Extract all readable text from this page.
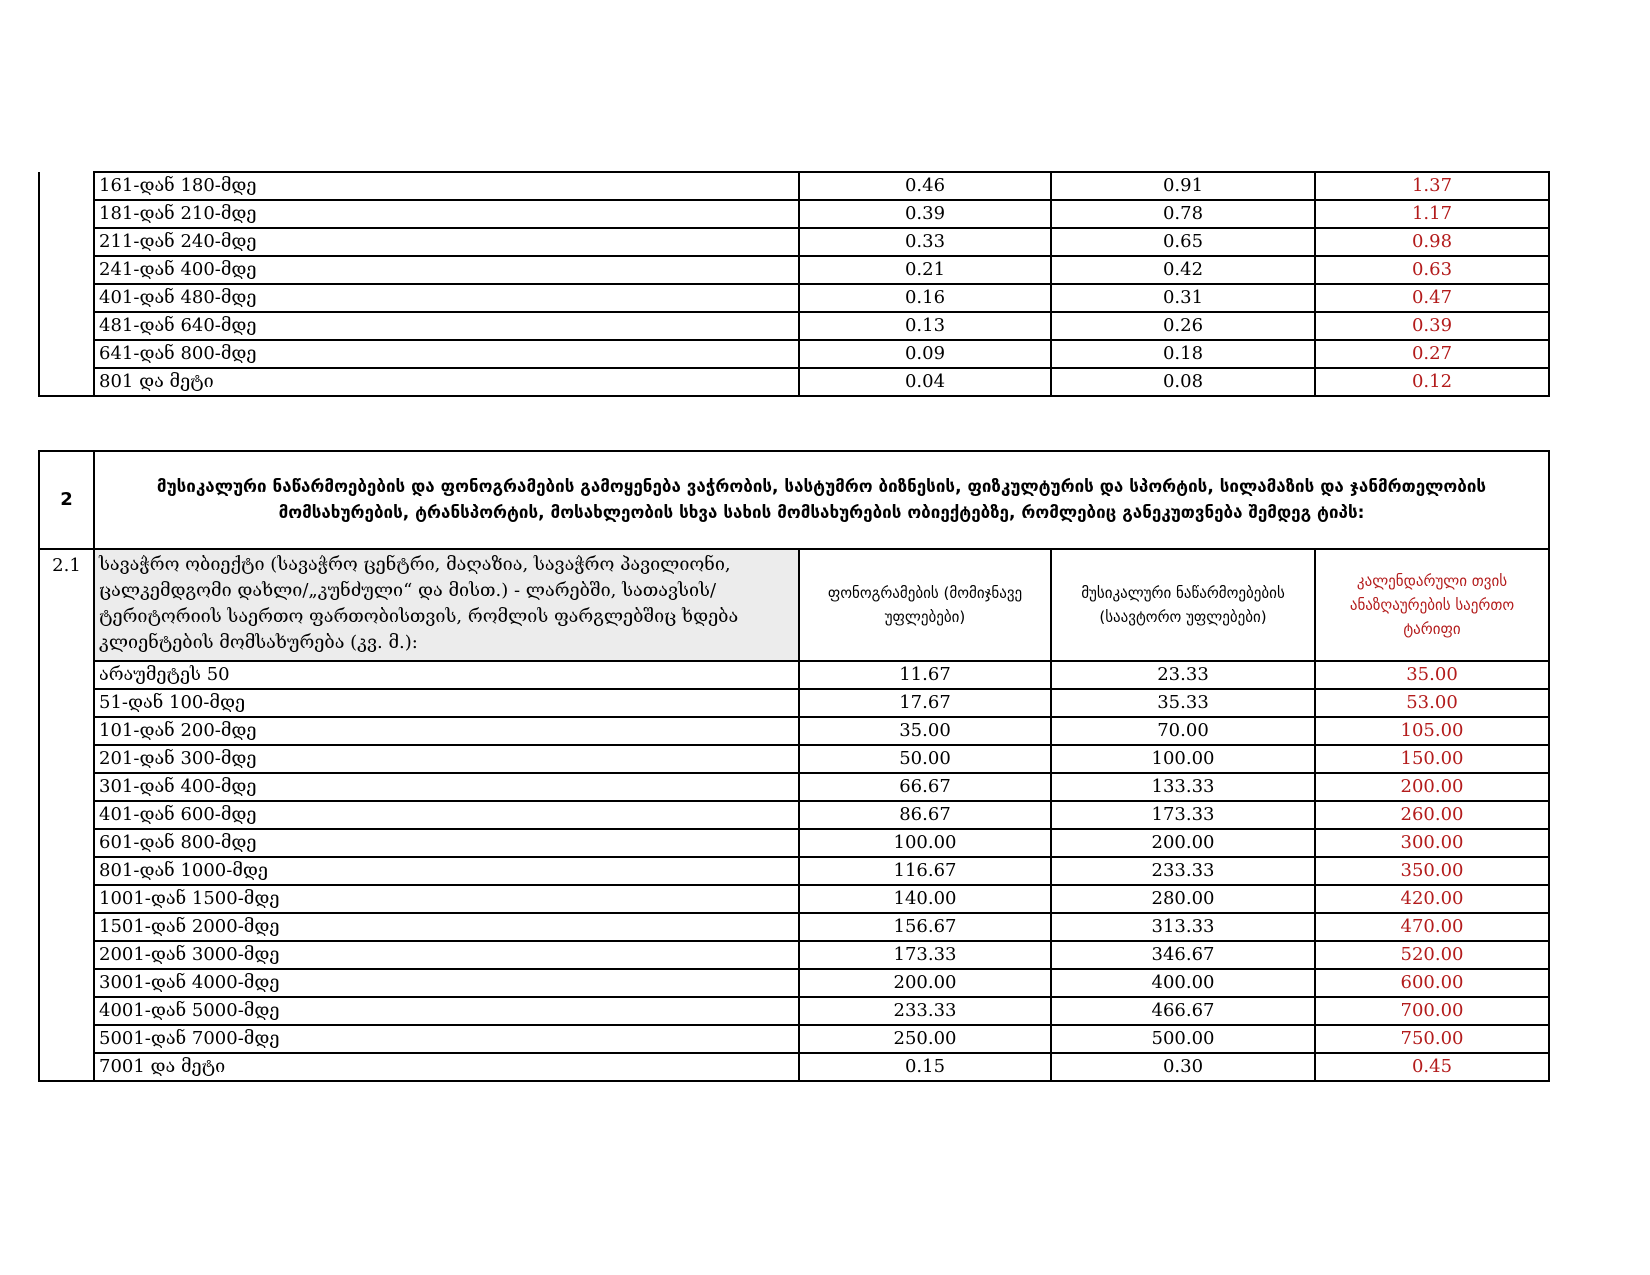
	161-დან 180-მდე	0.46	0.91	1.37
	181-დან 210-მდე	0.39	0.78	1.17
	211-დან 240-მდე	0.33	0.65	0.98
	241-დან 400-მდე	0.21	0.42	0.63
	401-დან 480-მდე	0.16	0.31	0.47
	481-დან 640-მდე	0.13	0.26	0.39
	641-დან 800-მდე	0.09	0.18	0.27
	801 და მეტი	0.04	0.08	0.12
2	მუსიკალური ნაწარმოებების და ფონოგრამების გამოყენება ვაჭრობის, სასტუმრო ბიზნესის, ფიზკულტურის და სპორტის, სილამაზის და ჯანმრთელობის მომსახურების, ტრანსპორტის, მოსახლეობის სხვა სახის მომსახურების ობიექტებზე, რომლებიც განეკუთვნება შემდეგ ტიპს:			
2.1	სავაჭრო ობიექტი (სავაჭრო ცენტრი, მაღაზია, სავაჭრო პავილიონი, ცალკემდგომი დახლი/„კუნძული“ და მისთ.) - ლარებში, სათავსის/ტერიტორიის საერთო ფართობისთვის, რომლის ფარგლებშიც ხდება კლიენტების მომსახურება (კვ. მ.):	ფონოგრამების (მომიჯნავე უფლებები)	მუსიკალური ნაწარმოებების (საავტორო უფლებები)	კალენდარული თვის ანაზღაურების საერთო ტარიფი
	არაუმეტეს 50	11.67	23.33	35.00
	51-დან 100-მდე	17.67	35.33	53.00
	101-დან 200-მდე	35.00	70.00	105.00
	201-დან 300-მდე	50.00	100.00	150.00
	301-დან 400-მდე	66.67	133.33	200.00
	401-დან 600-მდე	86.67	173.33	260.00
	601-დან 800-მდე	100.00	200.00	300.00
	801-დან 1000-მდე	116.67	233.33	350.00
	1001-დან 1500-მდე	140.00	280.00	420.00
	1501-დან 2000-მდე	156.67	313.33	470.00
	2001-დან 3000-მდე	173.33	346.67	520.00
	3001-დან 4000-მდე	200.00	400.00	600.00
	4001-დან 5000-მდე	233.33	466.67	700.00
	5001-დან 7000-მდე	250.00	500.00	750.00
	7001 და მეტი	0.15	0.30	0.45
